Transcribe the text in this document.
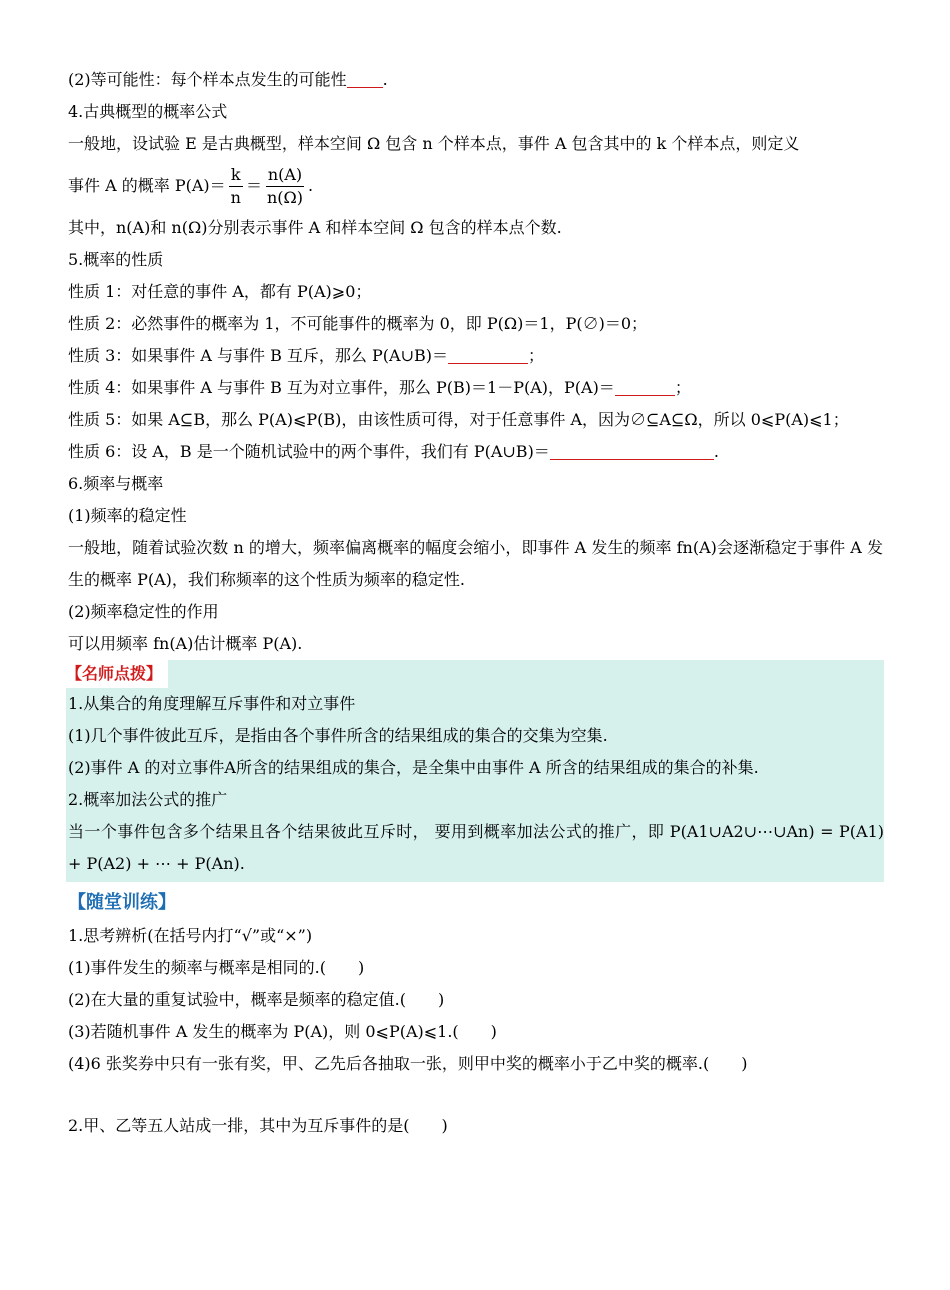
(2)等可能性：每个样本点发生的可能性 .
4.古典概型的概率公式
一般地，设试验 E 是古典概型，样本空间 Ω 包含 n 个样本点，事件 A 包含其中的 k 个样本点，则定义
事件 A 的概率 $P(A)= \frac{k}{n} = \frac{n(A)}{n(\Omega)}$ .
其中，n(A)和 n(Ω)分别表示事件 A 和样本空间 Ω 包含的样本点个数.
5.概率的性质
性质 1：对任意的事件 A，都有 P(A)⩾0；
性质 2：必然事件的概率为 1，不可能事件的概率为 0，即 P(Ω)＝1，P(∅)＝0；
性质 3：如果事件 A 与事件 B 互斥，那么 P(A∪B)＝	；
性质 4：如果事件 A 与事件 B 互为对立事件，那么 P(B)＝1－P(A)，P(A)＝	；
性质 5：如果 A⊆B，那么 P(A)⩽P(B)，由该性质可得，对于任意事件 A，因为∅⊆A⊆Ω，所以 0⩽P(A)⩽1；
性质 6：设 A，B 是一个随机试验中的两个事件，我们有 P(A∪B)＝	.
6.频率与概率
(1)频率的稳定性
一般地，随着试验次数 n 的增大，频率偏离概率的幅度会缩小，即事件 A 发生的频率 fn(A)会逐渐稳定于事件 A 发生的概率 P(A)，我们称频率的这个性质为频率的稳定性.
(2)频率稳定性的作用
可以用频率 fn(A)估计概率 P(A).
【名师点拨】
1.从集合的角度理解互斥事件和对立事件
(1)几个事件彼此互斥，是指由各个事件所含的结果组成的集合的交集为空集.
(2)事件 A 的对立事件A所含的结果组成的集合，是全集中由事件 A 所含的结果组成的集合的补集.
2.概率加法公式的推广
当一个事件包含多个结果且各个结果彼此互斥时， 要用到概率加法公式的推广，即 P(A1∪A2∪⋯∪An) = P(A1) + P(A2) + ⋯ + P(An).
【随堂训练】
1.思考辨析(在括号内打“√”或“×”)
(1)事件发生的频率与概率是相同的.(　　)
(2)在大量的重复试验中，概率是频率的稳定值.(　　)
(3)若随机事件 A 发生的概率为 P(A)，则 0⩽P(A)⩽1.(　　)
(4)6 张奖券中只有一张有奖，甲、乙先后各抽取一张，则甲中奖的概率小于乙中奖的概率.(　　)
2.甲、乙等五人站成一排，其中为互斥事件的是(　　)
